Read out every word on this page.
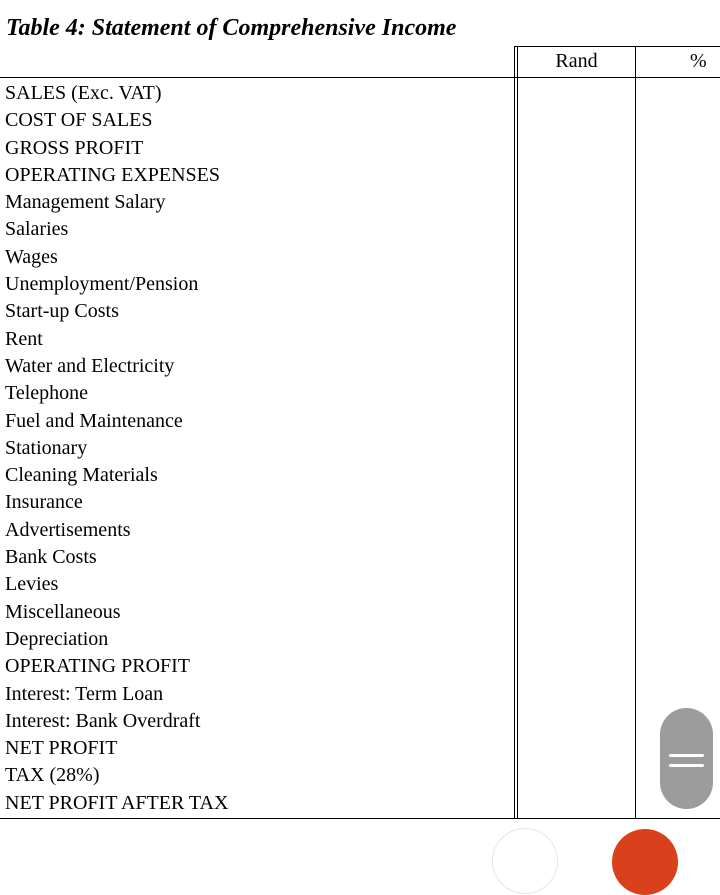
Table 4: Statement of Comprehensive Income
Rand	%
SALES (Exc. VAT)
COST OF SALES
GROSS PROFIT
OPERATING EXPENSES
Management Salary
Salaries
Wages
Unemployment/Pension
Start-up Costs
Rent
Water and Electricity
Telephone
Fuel and Maintenance
Stationary
Cleaning Materials
Insurance
Advertisements
Bank Costs
Levies
Miscellaneous
Depreciation
OPERATING PROFIT
Interest: Term Loan
Interest: Bank Overdraft
NET PROFIT
TAX (28%)
NET PROFIT AFTER TAX
